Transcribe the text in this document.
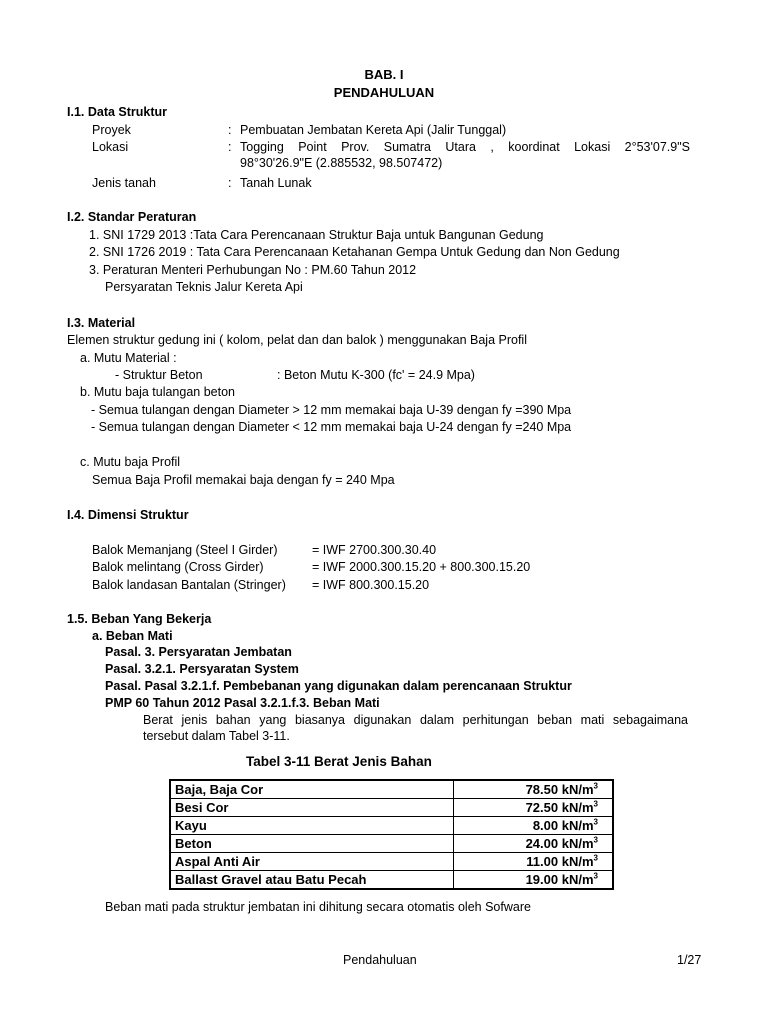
BAB. I
PENDAHULUAN
I.1. Data Struktur
Proyek	: Pembuatan Jembatan Kereta Api (Jalir Tunggal)
Lokasi	: Togging Point Prov. Sumatra Utara , koordinat Lokasi 2°53'07.9"S
98°30'26.9"E (2.885532, 98.507472)
Jenis tanah	: Tanah Lunak
I.2. Standar Peraturan
1. SNI 1729 2013 :Tata Cara Perencanaan Struktur Baja untuk Bangunan Gedung
2. SNI 1726 2019 : Tata Cara Perencanaan Ketahanan Gempa Untuk Gedung dan Non Gedung
3. Peraturan Menteri Perhubungan No : PM.60 Tahun 2012
Persyaratan Teknis Jalur Kereta Api
I.3. Material
Elemen struktur gedung ini ( kolom, pelat dan dan balok ) menggunakan Baja Profil
a. Mutu Material :
- Struktur Beton	: Beton Mutu K-300 (fc' = 24.9 Mpa)
b. Mutu baja tulangan beton
- Semua tulangan dengan Diameter > 12 mm memakai baja U-39 dengan fy =390 Mpa
- Semua tulangan dengan Diameter < 12 mm memakai baja U-24 dengan fy =240 Mpa
c. Mutu baja Profil
Semua Baja Profil memakai baja dengan fy = 240 Mpa
I.4. Dimensi Struktur
Balok Memanjang (Steel I Girder)	= IWF 2700.300.30.40
Balok melintang (Cross Girder)	= IWF 2000.300.15.20 + 800.300.15.20
Balok landasan Bantalan (Stringer) = IWF 800.300.15.20
1.5. Beban Yang Bekerja
a. Beban Mati
Pasal. 3. Persyaratan Jembatan
Pasal. 3.2.1. Persyaratan System
Pasal. Pasal 3.2.1.f. Pembebanan yang digunakan dalam perencanaan Struktur
PMP 60 Tahun 2012 Pasal 3.2.1.f.3. Beban Mati
Berat jenis bahan yang biasanya digunakan dalam perhitungan beban mati sebagaimana
tersebut dalam Tabel 3-11.
Tabel 3-11 Berat Jenis Bahan
Baja, Baja Cor	78.50 $kN/m^3$
Besi Cor	72.50 $kN/m^3$
Kayu	8.00 $kN/m^3$
Beton	24.00 $kN/m^3$
Aspal Anti Air	11.00 $kN/m^3$
Ballast Gravel atau Batu Pecah	19.00 $kN/m^3$
Beban mati pada struktur jembatan ini dihitung secara otomatis oleh Sofware
Pendahuluan	1/27
